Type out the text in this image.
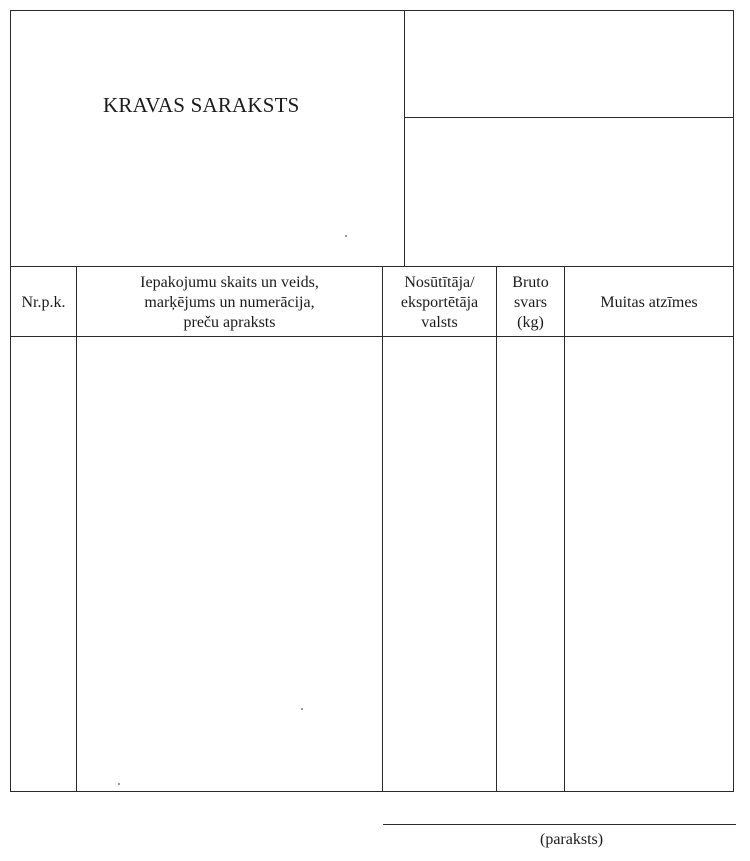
KRAVAS SARAKSTS
Nr.p.k.
Iepakojumu skaits un veids,
marķējums un numerācija,
preču apraksts
Nosūtītāja/
eksportētāja
valsts
Bruto
svars
(kg)
Muitas atzīmes
(paraksts)
